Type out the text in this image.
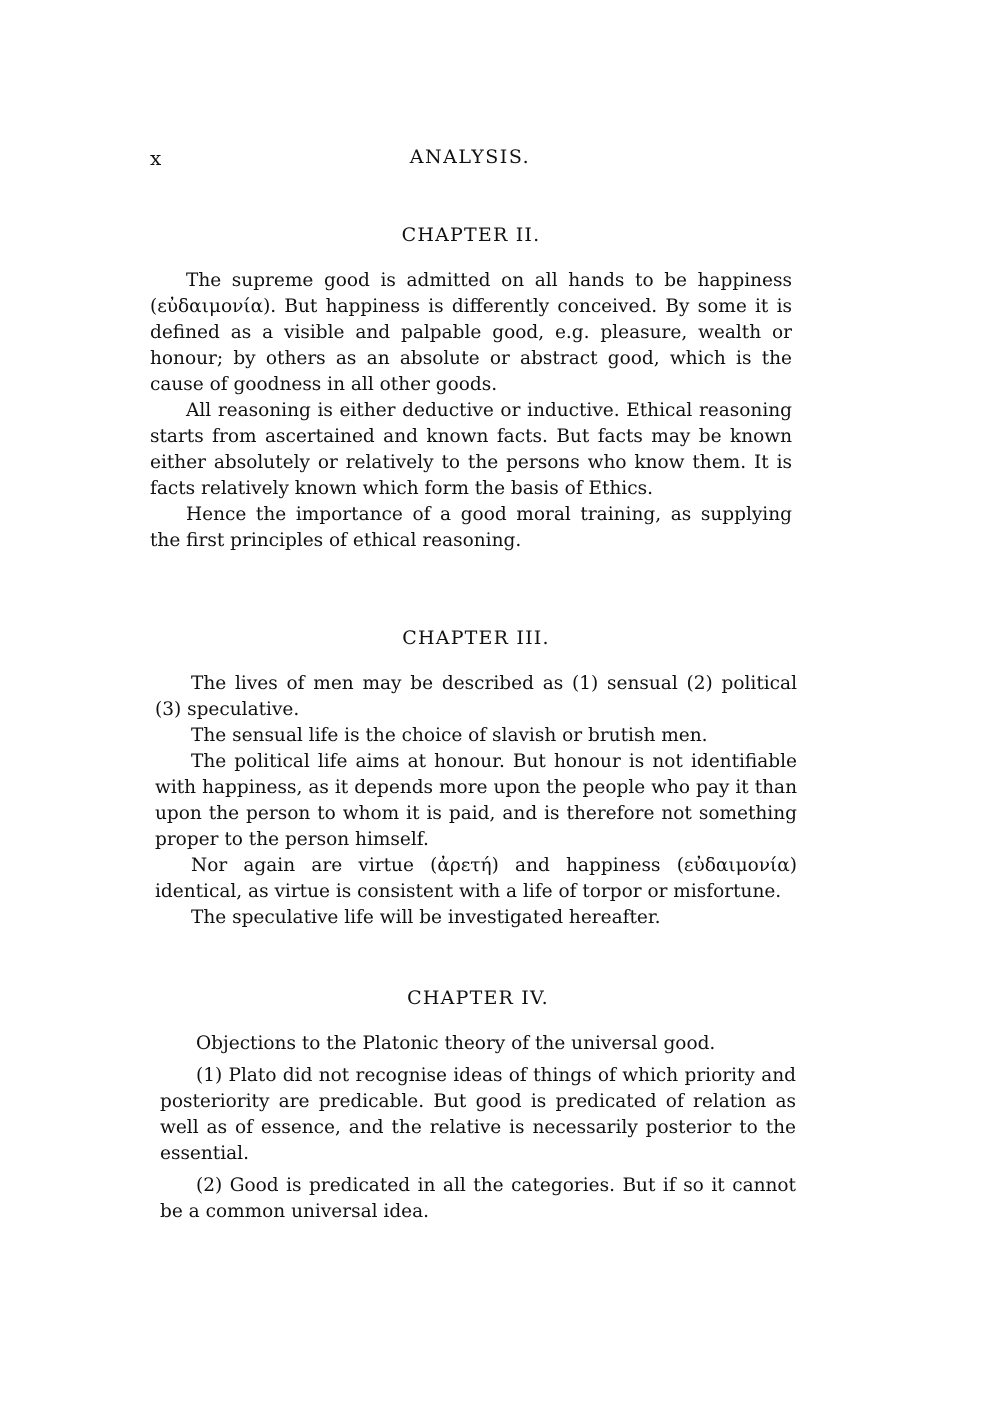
x	ANALYSIS.
CHAPTER II.

The supreme good is admitted on all hands to be happiness (εὐδαιμονία). But happiness is differently conceived. By some it is defined as a visible and palpable good, e.g. pleasure, wealth or honour; by others as an absolute or abstract good, which is the cause of goodness in all other goods.

All reasoning is either deductive or inductive. Ethical reasoning starts from ascertained and known facts. But facts may be known either absolutely or relatively to the persons who know them. It is facts relatively known which form the basis of Ethics.

Hence the importance of a good moral training, as supplying the first principles of ethical reasoning.

CHAPTER III.

The lives of men may be described as (1) sensual (2) political (3) speculative.

The sensual life is the choice of slavish or brutish men.

The political life aims at honour. But honour is not identifiable with happiness, as it depends more upon the people who pay it than upon the person to whom it is paid, and is therefore not something proper to the person himself.

Nor again are virtue (ἀρετή) and happiness (εὐδαιμονία) identical, as virtue is consistent with a life of torpor or misfortune.

The speculative life will be investigated hereafter.

CHAPTER IV.

Objections to the Platonic theory of the universal good.

(1) Plato did not recognise ideas of things of which priority and posteriority are predicable. But good is predicated of relation as well as of essence, and the relative is necessarily posterior to the essential.

(2) Good is predicated in all the categories. But if so it cannot be a common universal idea.
